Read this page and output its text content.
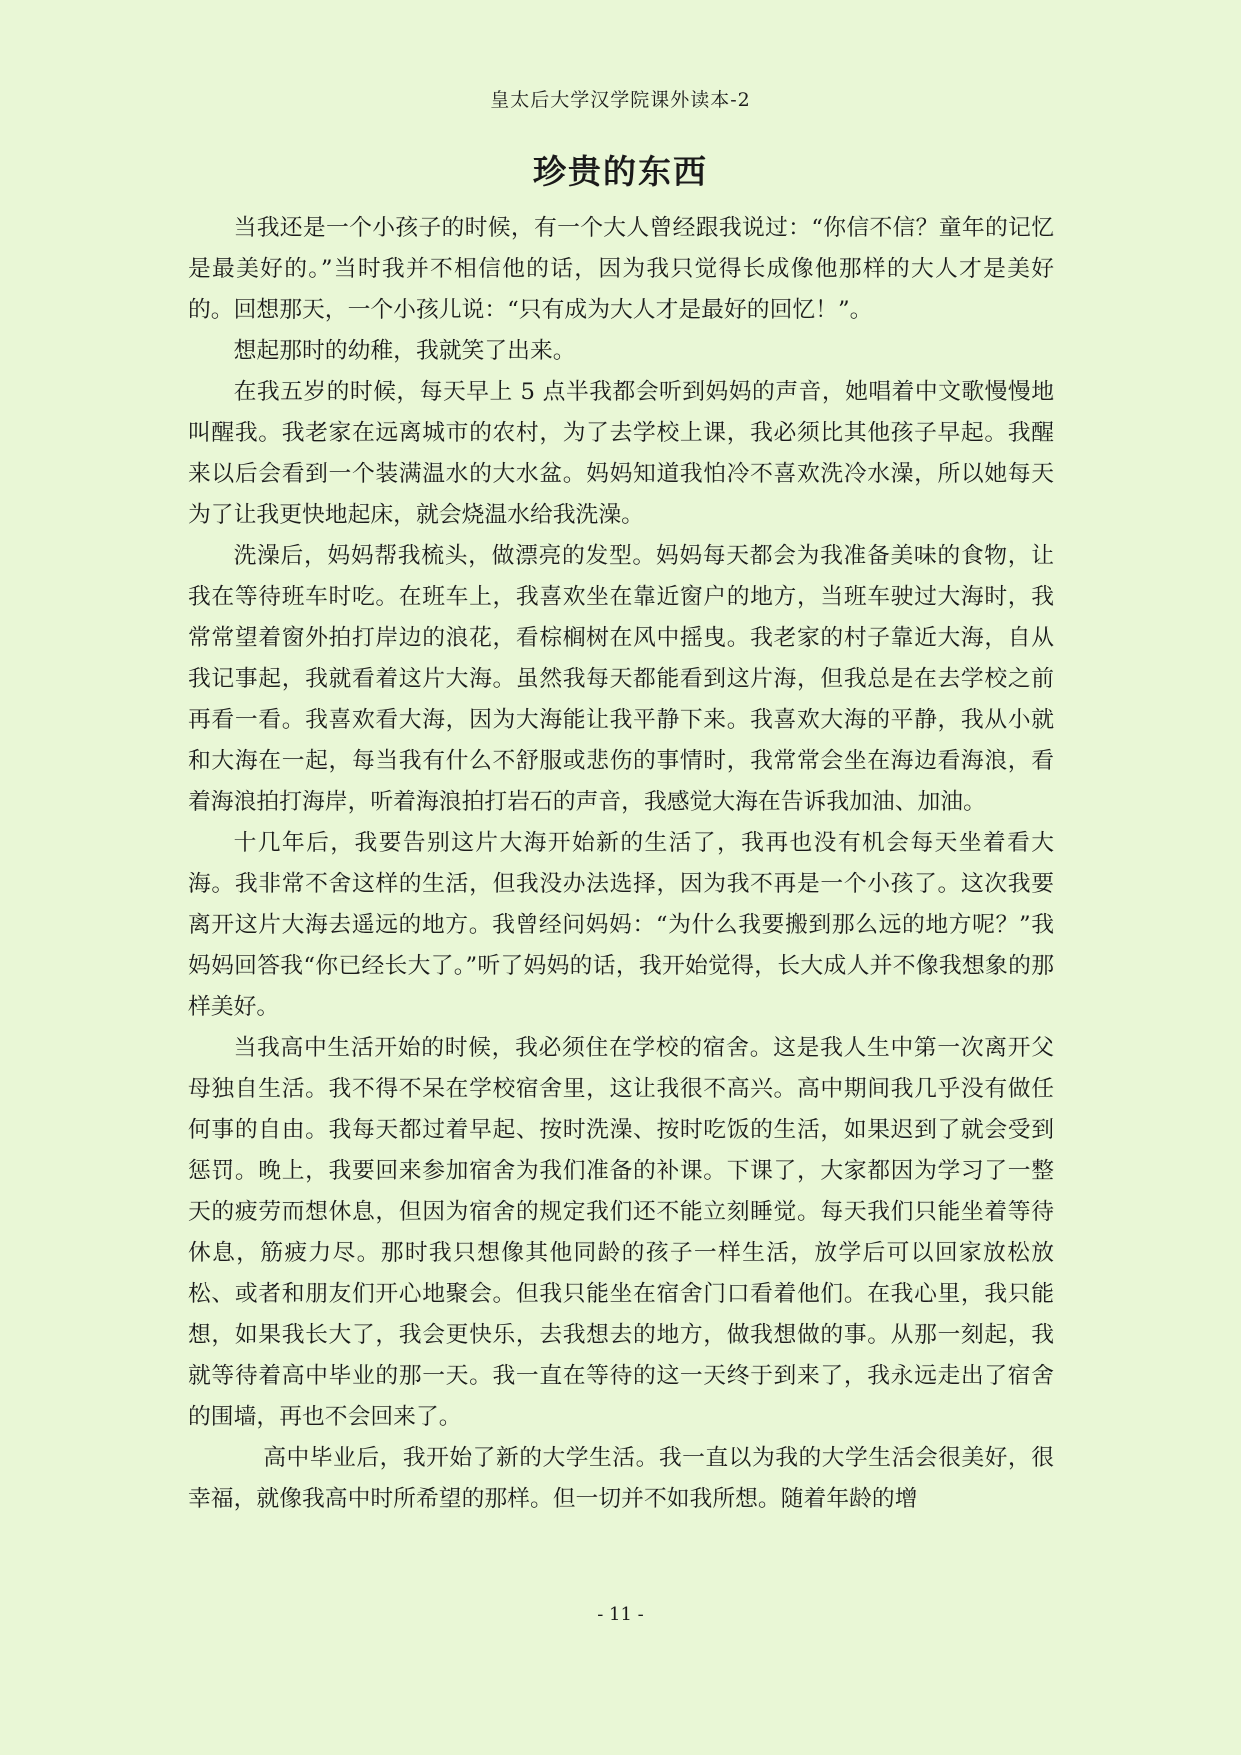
皇太后大学汉学院课外读本-2
珍贵的东西

当我还是一个小孩子的时候，有一个大人曾经跟我说过：“你信不信？童年的记忆是最美好的。”当时我并不相信他的话，因为我只觉得长成像他那样的大人才是美好的。回想那天，一个小孩儿说：“只有成为大人才是最好的回忆！”。

想起那时的幼稚，我就笑了出来。

在我五岁的时候，每天早上 5 点半我都会听到妈妈的声音，她唱着中文歌慢慢地叫醒我。我老家在远离城市的农村，为了去学校上课，我必须比其他孩子早起。我醒来以后会看到一个装满温水的大水盆。妈妈知道我怕冷不喜欢洗冷水澡，所以她每天为了让我更快地起床，就会烧温水给我洗澡。

洗澡后，妈妈帮我梳头，做漂亮的发型。妈妈每天都会为我准备美味的食物，让我在等待班车时吃。在班车上，我喜欢坐在靠近窗户的地方，当班车驶过大海时，我常常望着窗外拍打岸边的浪花，看棕榈树在风中摇曳。我老家的村子靠近大海，自从我记事起，我就看着这片大海。虽然我每天都能看到这片海，但我总是在去学校之前再看一看。我喜欢看大海，因为大海能让我平静下来。我喜欢大海的平静，我从小就和大海在一起，每当我有什么不舒服或悲伤的事情时，我常常会坐在海边看海浪，看着海浪拍打海岸，听着海浪拍打岩石的声音，我感觉大海在告诉我加油、加油。

十几年后，我要告别这片大海开始新的生活了，我再也没有机会每天坐着看大海。我非常不舍这样的生活，但我没办法选择，因为我不再是一个小孩了。这次我要离开这片大海去遥远的地方。我曾经问妈妈：“为什么我要搬到那么远的地方呢？”我妈妈回答我“你已经长大了。”听了妈妈的话，我开始觉得，长大成人并不像我想象的那样美好。

当我高中生活开始的时候，我必须住在学校的宿舍。这是我人生中第一次离开父母独自生活。我不得不呆在学校宿舍里，这让我很不高兴。高中期间我几乎没有做任何事的自由。我每天都过着早起、按时洗澡、按时吃饭的生活，如果迟到了就会受到惩罚。晚上，我要回来参加宿舍为我们准备的补课。下课了，大家都因为学习了一整天的疲劳而想休息，但因为宿舍的规定我们还不能立刻睡觉。每天我们只能坐着等待休息，筋疲力尽。那时我只想像其他同龄的孩子一样生活，放学后可以回家放松放松、或者和朋友们开心地聚会。但我只能坐在宿舍门口看着他们。在我心里，我只能想，如果我长大了，我会更快乐，去我想去的地方，做我想做的事。从那一刻起，我就等待着高中毕业的那一天。我一直在等待的这一天终于到来了，我永远走出了宿舍的围墙，再也不会回来了。

高中毕业后，我开始了新的大学生活。我一直以为我的大学生活会很美好，很幸福，就像我高中时所希望的那样。但一切并不如我所想。随着年龄的增

- 11 -
